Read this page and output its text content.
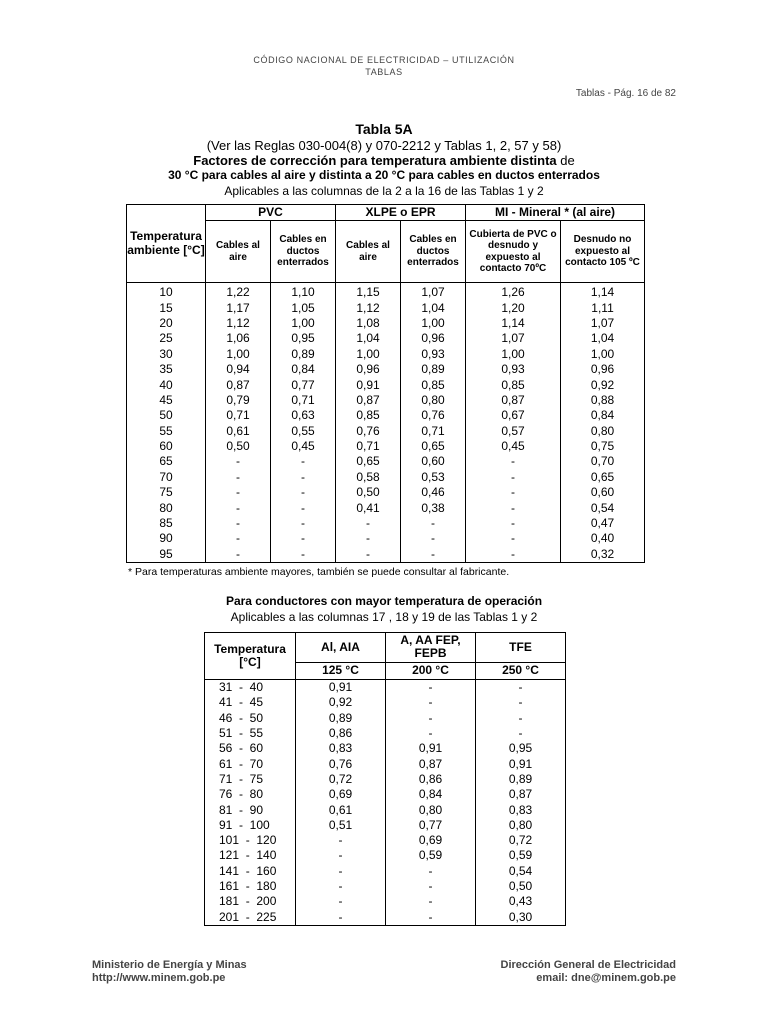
CÓDIGO NACIONAL DE ELECTRICIDAD – UTILIZACIÓN
TABLAS
Tablas - Pág. 16 de 82
Tabla 5A
(Ver las Reglas 030-004(8) y 070-2212 y Tablas 1, 2, 57 y 58)
Factores de corrección para temperatura ambiente distinta de
30 °C para cables al aire y distinta a 20 °C para cables en ductos enterrados
Aplicables a las columnas de la 2 a la 16 de las Tablas 1 y 2
Temperatura ambiente [°C]	PVC		XLPE o EPR		MI - Mineral * (al aire)	
	Cables al aire	Cables en ductos enterrados	Cables al aire	Cables en ductos enterrados	Cubierta de PVC o desnudo y expuesto al contacto 70ºC	Desnudo no expuesto al contacto 105 ºC
10	1,22	1,10	1,15	1,07	1,26	1,14
15	1,17	1,05	1,12	1,04	1,20	1,11
20	1,12	1,00	1,08	1,00	1,14	1,07
25	1,06	0,95	1,04	0,96	1,07	1,04
30	1,00	0,89	1,00	0,93	1,00	1,00
35	0,94	0,84	0,96	0,89	0,93	0,96
40	0,87	0,77	0,91	0,85	0,85	0,92
45	0,79	0,71	0,87	0,80	0,87	0,88
50	0,71	0,63	0,85	0,76	0,67	0,84
55	0,61	0,55	0,76	0,71	0,57	0,80
60	0,50	0,45	0,71	0,65	0,45	0,75
65	-	-	0,65	0,60	-	0,70
70	-	-	0,58	0,53	-	0,65
75	-	-	0,50	0,46	-	0,60
80	-	-	0,41	0,38	-	0,54
85	-	-	-	-	-	0,47
90	-	-	-	-	-	0,40
95	-	-	-	-	-	0,32
* Para temperaturas ambiente mayores, también se puede consultar al fabricante.
Para conductores con mayor temperatura de operación
Aplicables a las columnas 17 , 18 y 19 de las Tablas 1 y 2
Temperatura [°C]	Al, AIA	A, AA FEP, FEPB	TFE
	125 °C	200 °C	250 °C
31  -  40	0,91	-	-
41  -  45	0,92	-	-
46  -  50	0,89	-	-
51  -  55	0,86	-	-
56  -  60	0,83	0,91	0,95
61  -  70	0,76	0,87	0,91
71  -  75	0,72	0,86	0,89
76  -  80	0,69	0,84	0,87
81  -  90	0,61	0,80	0,83
91  -  100	0,51	0,77	0,80
101  -  120	-	0,69	0,72
121  -  140	-	0,59	0,59
141  -  160	-	-	0,54
161  -  180	-	-	0,50
181  -  200	-	-	0,43
201  -  225	-	-	0,30
Ministerio de Energía y Minas
http://www.minem.gob.pe
Dirección General de Electricidad
email: dne@minem.gob.pe
